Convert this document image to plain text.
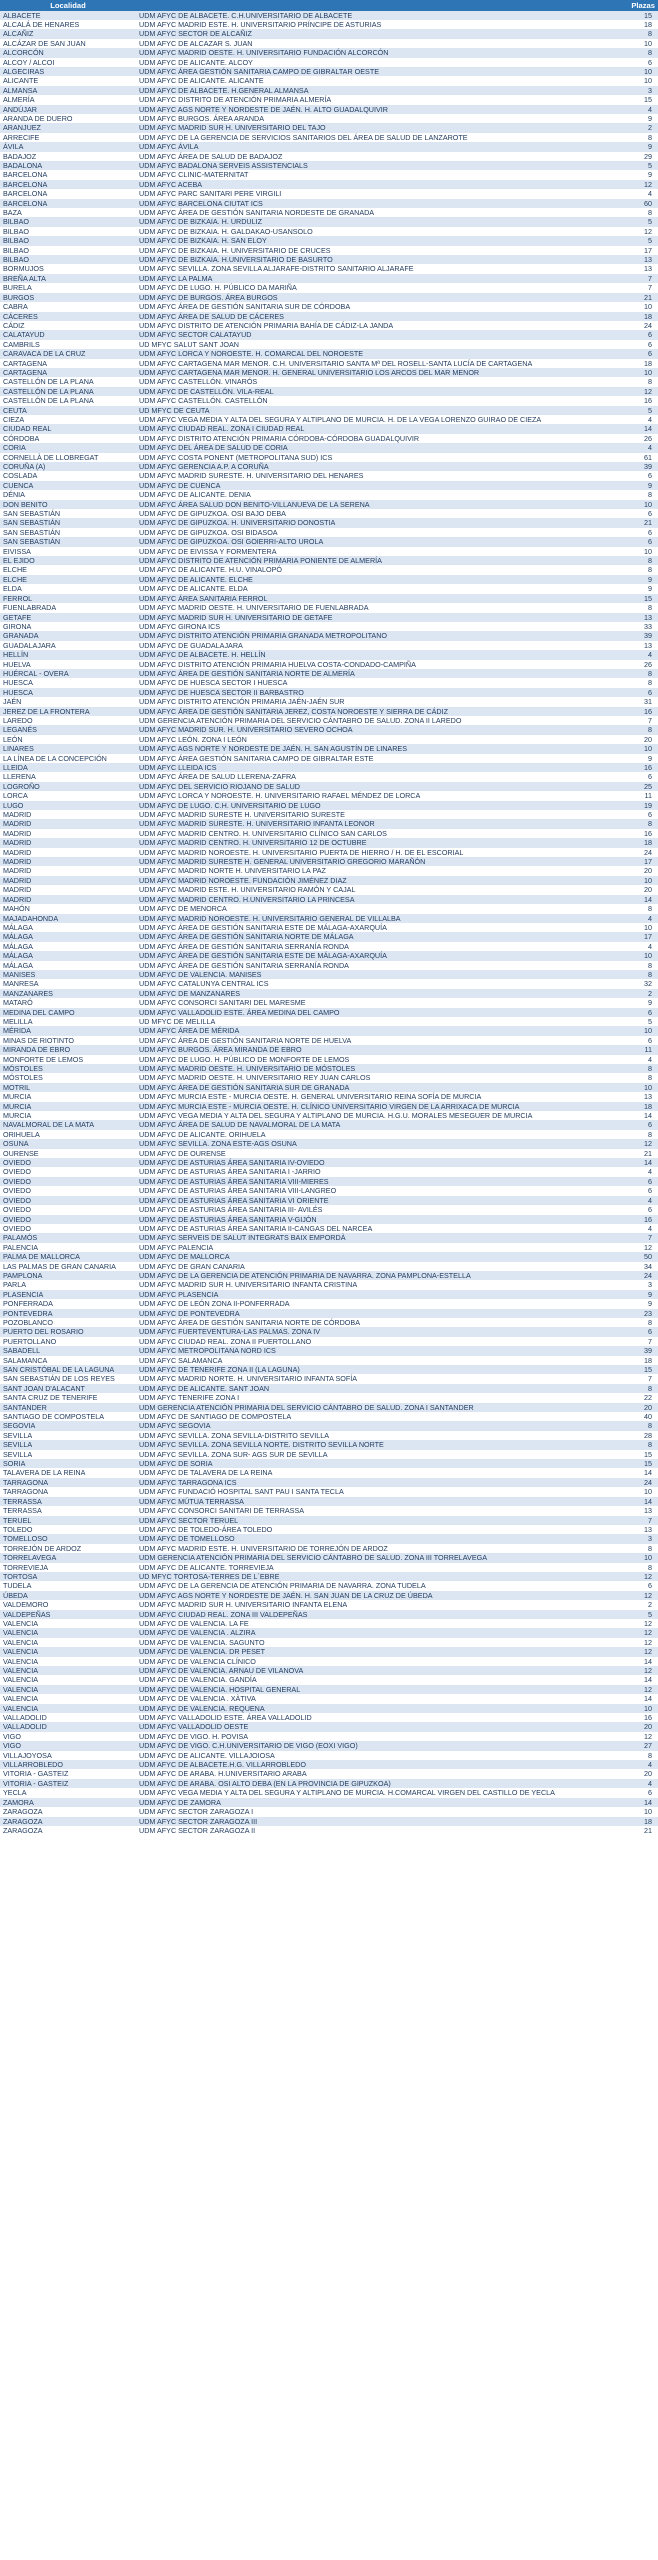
Localidad		Plazas
ALBACETE	UDM AFYC DE ALBACETE. C.H.UNIVERSITARIO DE ALBACETE	15
ALCALÁ DE HENARES	UDM AFYC MADRID ESTE. H. UNIVERSITARIO PRÍNCIPE DE ASTURIAS	18
ALCAÑIZ	UDM AFYC SECTOR DE ALCAÑIZ	8
ALCÁZAR DE SAN JUAN	UDM AFYC DE ALCAZAR S. JUAN	10
ALCORCÓN	UDM AFYC MADRID OESTE. H. UNIVERSITARIO FUNDACIÓN ALCORCÓN	8
ALCOY / ALCOI	UDM AFYC DE ALICANTE. ALCOY	6
ALGECIRAS	UDM AFYC ÁREA GESTIÓN SANITARIA CAMPO DE GIBRALTAR OESTE	10
ALICANTE	UDM AFYC DE ALICANTE. ALICANTE	10
ALMANSA	UDM AFYC DE ALBACETE. H.GENERAL ALMANSA	3
ALMERÍA	UDM AFYC DISTRITO DE ATENCIÓN PRIMARIA ALMERÍA	15
ANDÚJAR	UDM AFYC AGS NORTE Y NORDESTE DE JAÉN. H. ALTO GUADALQUIVIR	4
ARANDA DE DUERO	UDM AFYC BURGOS. ÁREA ARANDA	9
ARANJUEZ	UDM AFYC MADRID SUR H. UNIVERSITARIO DEL TAJO	2
ARRECIFE	UDM AFYC DE LA GERENCIA DE SERVICIOS SANITARIOS DEL ÁREA DE SALUD DE LANZAROTE	8
ÁVILA	UDM AFYC ÁVILA	9
BADAJOZ	UDM AFYC ÁREA DE SALUD DE BADAJOZ	29
BADALONA	UDM AFYC BADALONA SERVEIS ASSISTENCIALS	5
BARCELONA	UDM AFYC CLINIC-MATERNITAT	9
BARCELONA	UDM AFYC ACEBA	12
BARCELONA	UDM AFYC PARC SANITARI PERE VIRGILI	4
BARCELONA	UDM AFYC BARCELONA CIUTAT ICS	60
BAZA	UDM AFYC ÁREA DE GESTIÓN SANITARIA NORDESTE DE GRANADA	8
BILBAO	UDM AFYC DE BIZKAIA. H. URDULIZ	5
BILBAO	UDM AFYC DE BIZKAIA. H. GALDAKAO-USANSOLO	12
BILBAO	UDM AFYC DE BIZKAIA. H. SAN ELOY	5
BILBAO	UDM AFYC DE BIZKAIA. H. UNIVERSITARIO DE CRUCES	17
BILBAO	UDM AFYC DE BIZKAIA. H.UNIVERSITARIO DE BASURTO	13
BORMUJOS	UDM AFYC SEVILLA. ZONA SEVILLA ALJARAFE-DISTRITO SANITARIO ALJARAFE	13
BREÑA ALTA	UDM AFYC LA PALMA	7
BURELA	UDM AFYC DE LUGO. H. PÚBLICO DA MARIÑA	7
BURGOS	UDM AFYC DE BURGOS. ÁREA BURGOS	21
CABRA	UDM AFYC ÁREA DE GESTIÓN SANITARIA SUR DE CÓRDOBA	10
CÁCERES	UDM AFYC ÁREA DE SALUD DE CÁCERES	18
CÁDIZ	UDM AFYC DISTRITO DE ATENCIÓN PRIMARIA BAHÍA DE CÁDIZ-LA JANDA	24
CALATAYUD	UDM AFYC SECTOR CALATAYUD	6
CAMBRILS	UD MFYC SALUT SANT JOAN	6
CARAVACA DE LA CRUZ	UDM AFYC LORCA Y NOROESTE. H. COMARCAL DEL NOROESTE	6
CARTAGENA	UDM AFYC CARTAGENA MAR MENOR. C.H. UNIVERSITARIO SANTA Mª DEL ROSELL-SANTA LUCÍA DE CARTAGENA	18
CARTAGENA	UDM AFYC CARTAGENA MAR MENOR. H. GENERAL UNIVERSITARIO LOS ARCOS DEL MAR MENOR	10
CASTELLÓN DE LA PLANA	UDM AFYC CASTELLÓN. VINARÓS	8
CASTELLÓN DE LA PLANA	UDM AFYC DE CASTELLÓN. VILA-REAL	12
CASTELLÓN DE LA PLANA	UDM AFYC CASTELLÓN. CASTELLÓN	16
CEUTA	UD MFYC DE CEUTA	5
CIEZA	UDM AFYC VEGA MEDIA Y ALTA DEL SEGURA Y ALTIPLANO DE MURCIA. H. DE LA VEGA LORENZO GUIRAO DE CIEZA	4
CIUDAD REAL	UDM AFYC CIUDAD REAL. ZONA I CIUDAD REAL	14
CÓRDOBA	UDM AFYC DISTRITO ATENCIÓN PRIMARIA CÓRDOBA-CÓRDOBA GUADALQUIVIR	26
CORIA	UDM AFYC DEL ÁREA DE SALUD DE CORIA	4
CORNELLÀ DE LLOBREGAT	UDM AFYC COSTA PONENT (METROPOLITANA SUD) ICS	61
CORUÑA (A)	UDM AFYC GERENCIA A.P. A CORUÑA	39
COSLADA	UDM AFYC MADRID SURESTE. H. UNIVERSITARIO DEL HENARES	6
CUENCA	UDM AFYC DE CUENCA	9
DÉNIA	UDM AFYC DE ALICANTE. DENIA	8
DON BENITO	UDM AFYC ÁREA SALUD DON BENITO-VILLANUEVA DE LA SERENA	10
SAN SEBASTIÁN	UDM AFYC DE GIPUZKOA. OSI BAJO DEBA	6
SAN SEBASTIÁN	UDM AFYC DE GIPUZKOA. H. UNIVERSITARIO DONOSTIA	21
SAN SEBASTIÁN	UDM AFYC DE GIPUZKOA. OSI BIDASOA	6
SAN SEBASTIÁN	UDM AFYC DE GIPUZKOA. OSI GOIERRI-ALTO UROLA	6
EIVISSA	UDM AFYC DE EIVISSA Y FORMENTERA	10
EL EJIDO	UDM AFYC DISTRITO DE ATENCIÓN PRIMARIA PONIENTE DE ALMERÍA	8
ELCHE	UDM AFYC DE ALICANTE. H.U. VINALOPÓ	8
ELCHE	UDM AFYC DE ALICANTE. ELCHE	9
ELDA	UDM AFYC DE ALICANTE. ELDA	9
FERROL	UDM AFYC ÁREA SANITARIA FERROL	15
FUENLABRADA	UDM AFYC MADRID OESTE. H. UNIVERSITARIO DE FUENLABRADA	8
GETAFE	UDM AFYC MADRID SUR H. UNIVERSITARIO DE GETAFE	13
GIRONA	UDM AFYC GIRONA ICS	33
GRANADA	UDM AFYC DISTRITO ATENCIÓN PRIMARIA GRANADA METROPOLITANO	39
GUADALAJARA	UDM AFYC DE GUADALAJARA	13
HELLÍN	UDM AFYC DE ALBACETE. H. HELLÍN	4
HUELVA	UDM AFYC DISTRITO ATENCIÓN PRIMARIA HUELVA COSTA-CONDADO-CAMPIÑA	26
HUÉRCAL - OVERA	UDM AFYC ÁREA DE GESTIÓN SANITARIA NORTE DE ALMERÍA	8
HUESCA	UDM AFYC DE HUESCA SECTOR I HUESCA	8
HUESCA	UDM AFYC DE HUESCA SECTOR II BARBASTRO	6
JAÉN	UDM AFYC DISTRITO ATENCIÓN PRIMARIA JAÉN-JAÉN SUR	31
JEREZ DE LA FRONTERA	UDM AFYC ÁREA DE GESTIÓN SANITARIA JEREZ, COSTA NOROESTE Y SIERRA DE CÁDIZ	16
LAREDO	UDM GERENCIA ATENCIÓN PRIMARIA DEL SERVICIO CÁNTABRO DE SALUD. ZONA II LAREDO	7
LEGANÉS	UDM AFYC MADRID SUR. H. UNIVERSITARIO SEVERO OCHOA	8
LEÓN	UDM AFYC LEÓN. ZONA I LEÓN	20
LINARES	UDM AFYC AGS NORTE Y NORDESTE DE JAÉN. H. SAN AGUSTÍN DE LINARES	10
LA LÍNEA DE LA CONCEPCIÓN	UDM AFYC ÁREA GESTIÓN SANITARIA CAMPO DE GIBRALTAR ESTE	9
LLEIDA	UDM AFYC LLEIDA ICS	16
LLERENA	UDM AFYC ÁREA DE SALUD LLERENA-ZAFRA	6
LOGROÑO	UDM AFYC DEL SERVICIO RIOJANO DE SALUD	25
LORCA	UDM AFYC LORCA Y NOROESTE. H. UNIVERSITARIO RAFAEL MÉNDEZ DE LORCA	11
LUGO	UDM AFYC DE LUGO. C.H. UNIVERSITARIO DE LUGO	19
MADRID	UDM AFYC MADRID SURESTE H. UNIVERSITARIO SURESTE	6
MADRID	UDM AFYC MADRID SURESTE. H. UNIVERSITARIO INFANTA LEONOR	8
MADRID	UDM AFYC MADRID CENTRO. H. UNIVERSITARIO CLÍNICO SAN CARLOS	16
MADRID	UDM AFYC MADRID CENTRO. H. UNIVERSITARIO 12 DE OCTUBRE	18
MADRID	UDM AFYC MADRID NOROESTE. H. UNIVERSITARIO PUERTA DE HIERRO / H. DE EL ESCORIAL	24
MADRID	UDM AFYC MADRID SURESTE H. GENERAL UNIVERSITARIO GREGORIO MARAÑÓN	17
MADRID	UDM AFYC MADRID NORTE H. UNIVERSITARIO LA PAZ	20
MADRID	UDM AFYC MADRID NOROESTE. FUNDACIÓN JIMÉNEZ DIAZ	10
MADRID	UDM AFYC MADRID ESTE. H. UNIVERSITARIO RAMÓN Y CAJAL	20
MADRID	UDM AFYC MADRID CENTRO. H.UNIVERSITARIO LA PRINCESA	14
MAHÓN	UDM AFYC DE MENORCA	8
MAJADAHONDA	UDM AFYC MADRID NOROESTE. H. UNIVERSITARIO GENERAL DE VILLALBA	4
MÁLAGA	UDM AFYC ÁREA DE GESTIÓN SANITARIA ESTE DE MÁLAGA-AXARQUÍA	10
MÁLAGA	UDM AFYC ÁREA DE GESTIÓN SANITARIA NORTE DE MÁLAGA	17
MÁLAGA	UDM AFYC ÁREA DE GESTIÓN SANITARIA SERRANÍA RONDA	4
MÁLAGA	UDM AFYC ÁREA DE GESTIÓN SANITARIA ESTE DE MÁLAGA-AXARQUÍA	10
MÁLAGA	UDM AFYC ÁREA DE GESTIÓN SANITARIA SERRANÍA RONDA	8
MANISES	UDM AFYC DE VALENCIA. MANISES	8
MANRESA	UDM AFYC CATALUNYA CENTRAL ICS	32
MANZANARES	UDM AFYC DE MANZANARES	2
MATARÓ	UDM AFYC CONSORCI SANITARI DEL MARESME	9
MEDINA DEL CAMPO	UDM AFYC VALLADOLID ESTE. ÁREA MEDINA DEL CAMPO	6
MELILLA	UD MFYC DE MELILLA	5
MÉRIDA	UDM AFYC ÁREA DE MÉRIDA	10
MINAS DE RIOTINTO	UDM AFYC ÁREA DE GESTIÓN SANITARIA NORTE DE HUELVA	6
MIRANDA DE EBRO	UDM AFYC BURGOS. ÁREA MIRANDA DE EBRO	11
MONFORTE DE LEMOS	UDM AFYC DE LUGO. H. PÚBLICO DE MONFORTE DE LEMOS	4
MÓSTOLES	UDM AFYC MADRID OESTE. H. UNIVERSITARIO DE MÓSTOLES	8
MÓSTOLES	UDM AFYC MADRID OESTE. H. UNIVERSITARIO REY JUAN CARLOS	8
MOTRIL	UDM AFYC ÁREA DE GESTIÓN SANITARIA SUR DE GRANADA	10
MURCIA	UDM AFYC MURCIA ESTE - MURCIA OESTE. H. GENERAL UNIVERSITARIO REINA SOFÍA DE MURCIA	13
MURCIA	UDM AFYC MURCIA ESTE - MURCIA OESTE. H. CLÍNICO UNIVERSITARIO VIRGEN DE LA ARRIXACA DE MURCIA	18
MURCIA	UDM AFYC VEGA MEDIA Y ALTA DEL SEGURA Y ALTIPLANO DE MURCIA. H.G.U. MORALES MESEGUER DE MURCIA	14
NAVALMORAL DE LA MATA	UDM AFYC ÁREA DE SALUD DE NAVALMORAL DE LA MATA	6
ORIHUELA	UDM AFYC DE ALICANTE. ORIHUELA	8
OSUNA	UDM AFYC SEVILLA. ZONA ESTE-AGS OSUNA	12
OURENSE	UDM AFYC DE OURENSE	21
OVIEDO	UDM AFYC DE ASTURIAS ÁREA SANITARIA IV-OVIEDO	14
OVIEDO	UDM AFYC DE ASTURIAS ÁREA SANITARIA I -JARRIO	4
OVIEDO	UDM AFYC DE ASTURIAS ÁREA SANITARIA VIII-MIERES	6
OVIEDO	UDM AFYC DE ASTURIAS ÁREA SANITARIA VIII-LANGREO	6
OVIEDO	UDM AFYC DE ASTURIAS ÁREA SANITARIA VI ORIENTE	4
OVIEDO	UDM AFYC DE ASTURIAS ÁREA SANITARIA III- AVILÉS	6
OVIEDO	UDM AFYC DE ASTURIAS ÁREA SANITARIA V-GIJÓN	16
OVIEDO	UDM AFYC DE ASTURIAS ÁREA SANITARIA II-CANGAS DEL NARCEA	4
PALAMÓS	UDM AFYC SERVEIS DE SALUT INTEGRATS BAIX EMPORDÀ	7
PALENCIA	UDM AFYC PALENCIA	12
PALMA DE MALLORCA	UDM AFYC DE MALLORCA	50
LAS PALMAS DE GRAN CANARIA	UDM AFYC DE GRAN CANARIA	34
PAMPLONA	UDM AFYC DE LA GERENCIA DE ATENCIÓN PRIMARIA DE NAVARRA. ZONA PAMPLONA-ESTELLA	24
PARLA	UDM AFYC MADRID SUR H. UNIVERSITARIO INFANTA CRISTINA	3
PLASENCIA	UDM AFYC PLASENCIA	9
PONFERRADA	UDM AFYC DE LEÓN ZONA II-PONFERRADA	9
PONTEVEDRA	UDM AFYC DE PONTEVEDRA	23
POZOBLANCO	UDM AFYC ÁREA DE GESTIÓN SANITARIA NORTE DE CÓRDOBA	8
PUERTO DEL ROSARIO	UDM AFYC FUERTEVENTURA-LAS PALMAS. ZONA IV	6
PUERTOLLANO	UDM AFYC CIUDAD REAL. ZONA II PUERTOLLANO	7
SABADELL	UDM AFYC METROPOLITANA NORD ICS	39
SALAMANCA	UDM AFYC SALAMANCA	18
SAN CRISTÓBAL DE LA LAGUNA	UDM AFYC DE TENERIFE ZONA II (LA LAGUNA)	15
SAN SEBASTIÁN DE LOS REYES	UDM AFYC MADRID NORTE. H. UNIVERSITARIO INFANTA SOFÍA	7
SANT JOAN D'ALACANT	UDM AFYC DE ALICANTE. SANT JOAN	8
SANTA CRUZ DE TENERIFE	UDM AFYC TENERIFE ZONA I	22
SANTANDER	UDM GERENCIA ATENCIÓN PRIMARIA DEL SERVICIO CÁNTABRO DE SALUD. ZONA I SANTANDER	20
SANTIAGO DE COMPOSTELA	UDM AFYC DE SANTIAGO DE COMPOSTELA	40
SEGOVIA	UDM AFYC SEGOVIA	8
SEVILLA	UDM AFYC SEVILLA. ZONA SEVILLA-DISTRITO SEVILLA	28
SEVILLA	UDM AFYC SEVILLA. ZONA SEVILLA NORTE. DISTRITO SEVILLA NORTE	8
SEVILLA	UDM AFYC SEVILLA. ZONA SUR- AGS SUR DE SEVILLA	15
SORIA	UDM AFYC DE SORIA	15
TALAVERA DE LA REINA	UDM AFYC DE TALAVERA DE LA REINA	14
TARRAGONA	UDM AFYC TARRAGONA ICS	24
TARRAGONA	UDM AFYC FUNDACIÓ HOSPITAL SANT PAU I SANTA TECLA	10
TERRASSA	UDM AFYC MÚTUA TERRASSA	14
TERRASSA	UDM AFYC CONSORCI SANITARI DE TERRASSA	13
TERUEL	UDM AFYC SECTOR TERUEL	7
TOLEDO	UDM AFYC DE TOLEDO-ÁREA TOLEDO	13
TOMELLOSO	UDM AFYC DE TOMELLOSO	3
TORREJÓN DE ARDOZ	UDM AFYC MADRID ESTE. H. UNIVERSITARIO DE TORREJÓN DE ARDOZ	8
TORRELAVEGA	UDM GERENCIA ATENCIÓN PRIMARIA DEL SERVICIO CÁNTABRO DE SALUD. ZONA III TORRELAVEGA	10
TORREVIEJA	UDM AFYC DE ALICANTE. TORREVIEJA	8
TORTOSA	UD MFYC TORTOSA-TERRES DE L´EBRE	12
TUDELA	UDM AFYC DE LA GERENCIA DE ATENCIÓN PRIMARIA DE NAVARRA. ZONA TUDELA	6
ÚBEDA	UDM AFYC AGS NORTE Y NORDESTE DE JAÉN. H. SAN JUAN DE LA CRUZ DE ÚBEDA	12
VALDEMORO	UDM AFYC MADRID SUR H. UNIVERSITARIO INFANTA ELENA	2
VALDEPEÑAS	UDM AFYC CIUDAD REAL. ZONA III VALDEPEÑAS	5
VALENCIA	UDM AFYC DE VALENCIA. LA FE	12
VALENCIA	UDM AFYC DE VALENCIA . ALZIRA	12
VALENCIA	UDM AFYC DE VALENCIA. SAGUNTO	12
VALENCIA	UDM AFYC DE VALENCIA. DR PESET	12
VALENCIA	UDM AFYC DE VALENCIA CLÍNICO	14
VALENCIA	UDM AFYC DE VALENCIA. ARNAU DE VILANOVA	12
VALENCIA	UDM AFYC DE VALENCIA. GANDÍA	14
VALENCIA	UDM AFYC DE VALENCIA. HOSPITAL GENERAL	12
VALENCIA	UDM AFYC DE VALENCIA . XÀTIVA	14
VALENCIA	UDM AFYC DE VALENCIA. REQUENA	10
VALLADOLID	UDM AFYC VALLADOLID ESTE. ÁREA VALLADOLID	16
VALLADOLID	UDM AFYC VALLADOLID OESTE	20
VIGO	UDM AFYC DE VIGO. H. POVISA	12
VIGO	UDM AFYC DE VIGO. C.H.UNIVERSITARIO DE VIGO (EOXI VIGO)	27
VILLAJOYOSA	UDM AFYC DE ALICANTE. VILLAJOIOSA	8
VILLARROBLEDO	UDM AFYC DE ALBACETE.H.G. VILLARROBLEDO	4
VITORIA - GASTEIZ	UDM AFYC DE ARABA. H.UNIVERSITARIO ARABA	20
VITORIA - GASTEIZ	UDM AFYC DE ARABA. OSI ALTO DEBA (EN LA PROVINCIA DE GIPUZKOA)	4
YECLA	UDM AFYC VEGA MEDIA Y ALTA DEL SEGURA Y ALTIPLANO DE MURCIA. H.COMARCAL VIRGEN DEL CASTILLO DE YECLA	6
ZAMORA	UDM AFYC DE ZAMORA	14
ZARAGOZA	UDM AFYC SECTOR ZARAGOZA I	10
ZARAGOZA	UDM AFYC SECTOR ZARAGOZA III	18
ZARAGOZA	UDM AFYC SECTOR ZARAGOZA II	21
